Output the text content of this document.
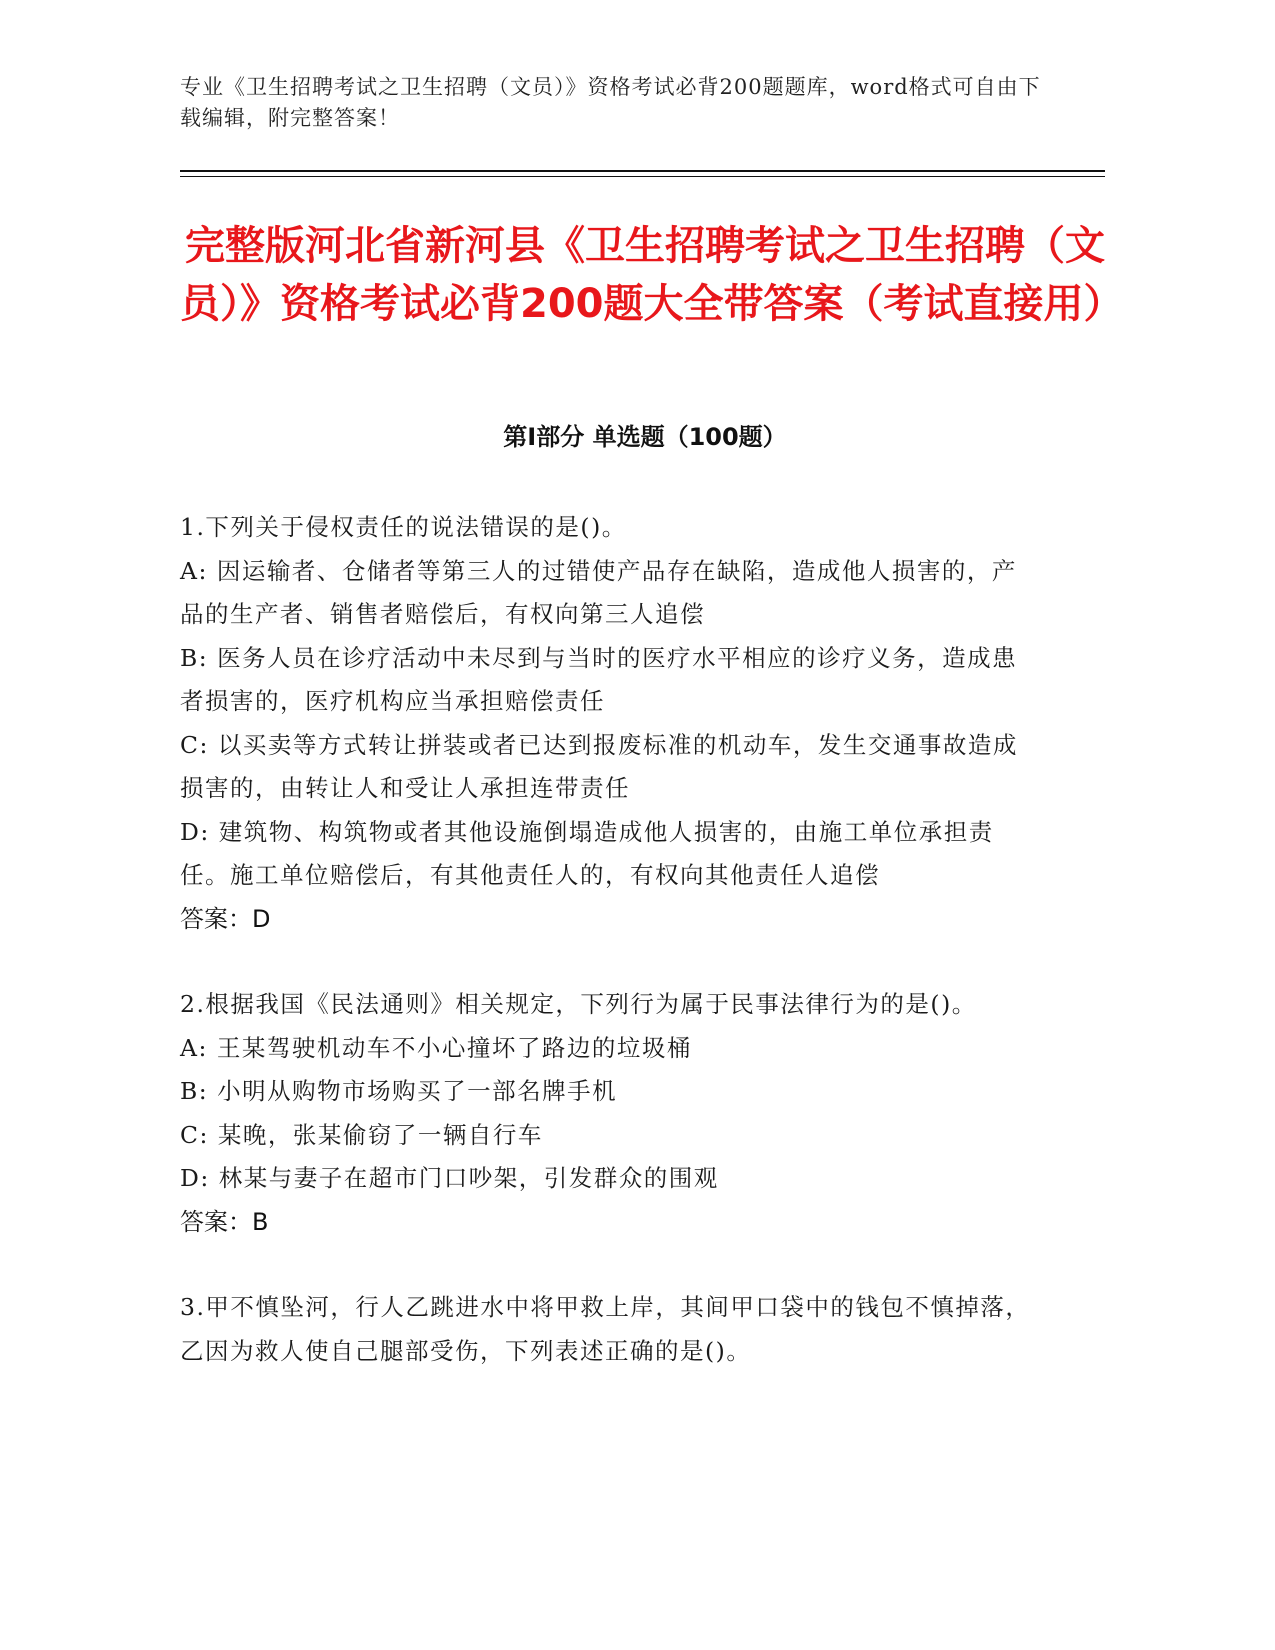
专业《卫生招聘考试之卫生招聘（文员）》资格考试必背200题题库，word格式可自由下载编辑，附完整答案！
完整版河北省新河县《卫生招聘考试之卫生招聘（文员）》资格考试必背200题大全带答案（考试直接用）
第Ⅰ部分 单选题（100题）
1.下列关于侵权责任的说法错误的是()。
A: 因运输者、仓储者等第三人的过错使产品存在缺陷，造成他人损害的，产品的生产者、销售者赔偿后，有权向第三人追偿
B: 医务人员在诊疗活动中未尽到与当时的医疗水平相应的诊疗义务，造成患者损害的，医疗机构应当承担赔偿责任
C: 以买卖等方式转让拼装或者已达到报废标准的机动车，发生交通事故造成损害的，由转让人和受让人承担连带责任
D: 建筑物、构筑物或者其他设施倒塌造成他人损害的，由施工单位承担责任。施工单位赔偿后，有其他责任人的，有权向其他责任人追偿
答案：D
2.根据我国《民法通则》相关规定，下列行为属于民事法律行为的是()。
A: 王某驾驶机动车不小心撞坏了路边的垃圾桶
B: 小明从购物市场购买了一部名牌手机
C: 某晚，张某偷窃了一辆自行车
D: 林某与妻子在超市门口吵架，引发群众的围观
答案：B
3.甲不慎坠河，行人乙跳进水中将甲救上岸，其间甲口袋中的钱包不慎掉落，乙因为救人使自己腿部受伤，下列表述正确的是()。
